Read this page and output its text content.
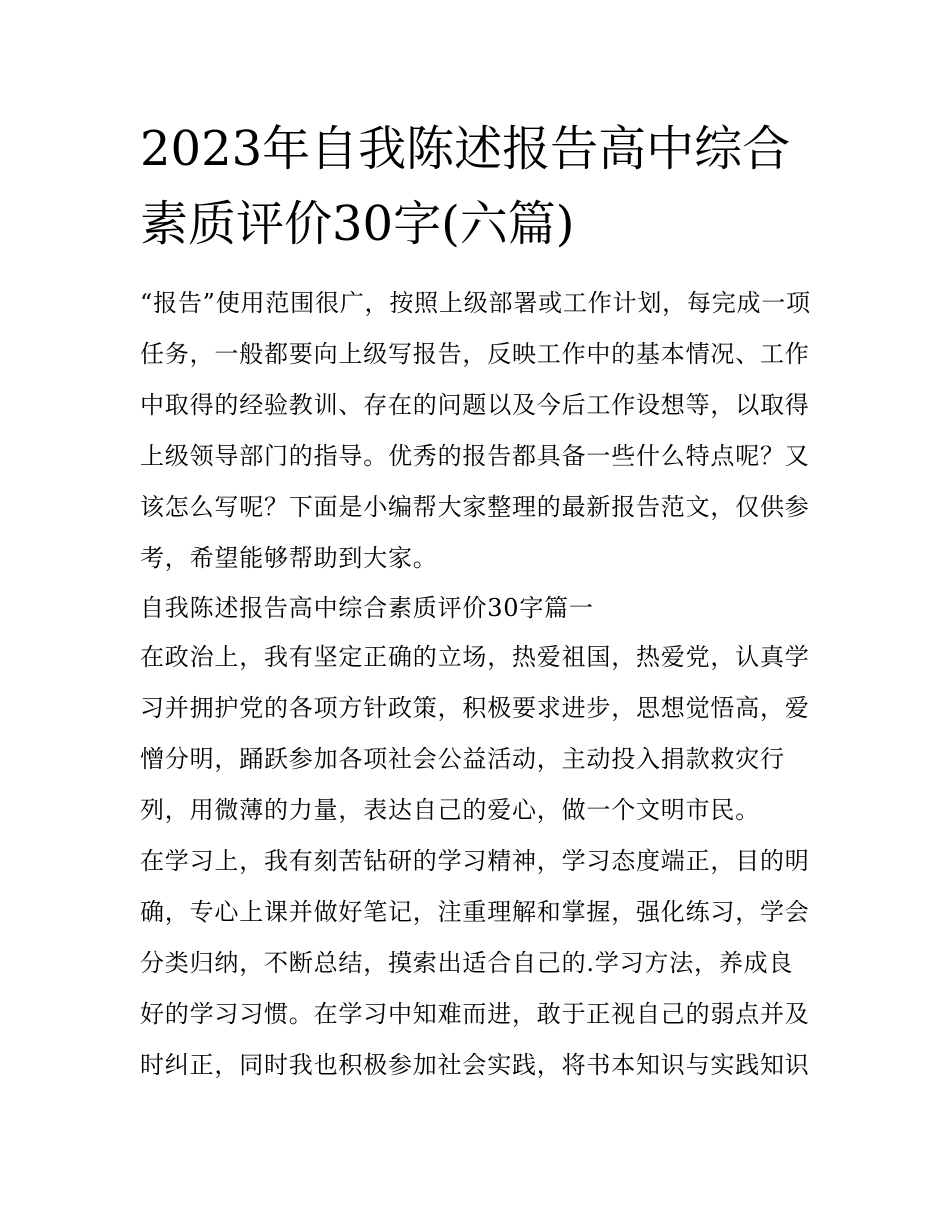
2023年自我陈述报告高中综合
素质评价30字(六篇)
“报告”使用范围很广，按照上级部署或工作计划，每完成一项
任务，一般都要向上级写报告，反映工作中的基本情况、工作
中取得的经验教训、存在的问题以及今后工作设想等，以取得
上级领导部门的指导。优秀的报告都具备一些什么特点呢？又
该怎么写呢？下面是小编帮大家整理的最新报告范文，仅供参
考，希望能够帮助到大家。
自我陈述报告高中综合素质评价30字篇一
在政治上，我有坚定正确的立场，热爱祖国，热爱党，认真学
习并拥护党的各项方针政策，积极要求进步，思想觉悟高，爱
憎分明，踊跃参加各项社会公益活动，主动投入捐款救灾行
列，用微薄的力量，表达自己的爱心，做一个文明市民。
在学习上，我有刻苦钻研的学习精神，学习态度端正，目的明
确，专心上课并做好笔记，注重理解和掌握，强化练习，学会
分类归纳，不断总结，摸索出适合自己的.学习方法，养成良
好的学习习惯。在学习中知难而进，敢于正视自己的弱点并及
时纠正，同时我也积极参加社会实践，将书本知识与实践知识
